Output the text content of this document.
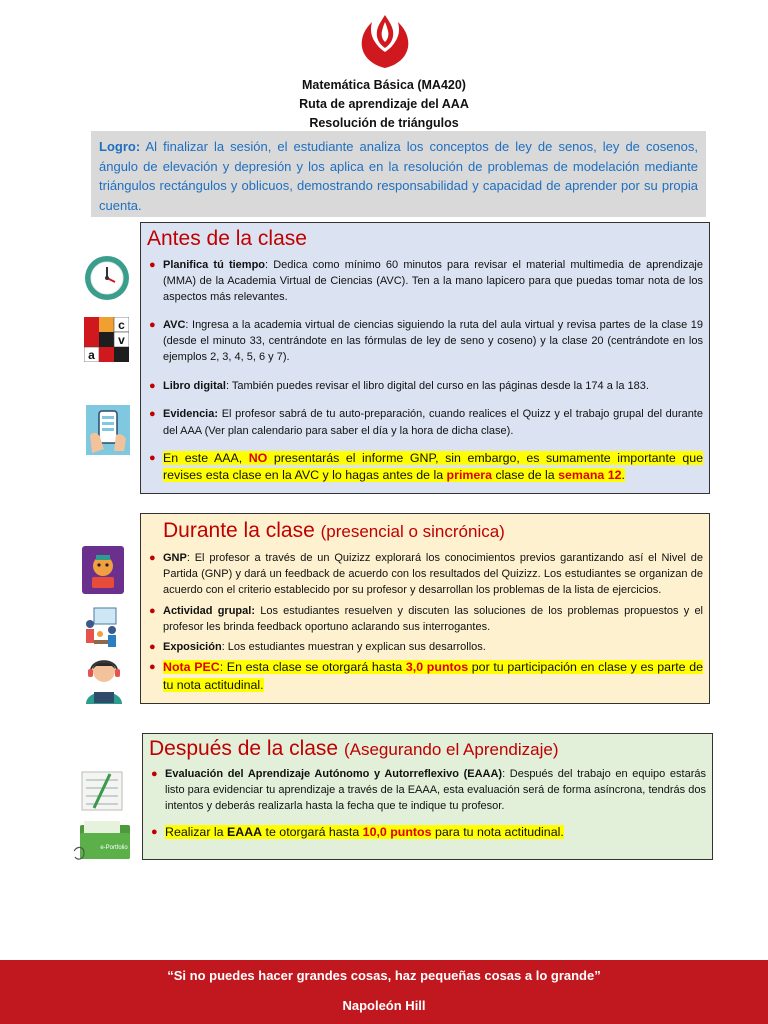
Matemática Básica (MA420)
Ruta de aprendizaje del AAA
Resolución de triángulos
Logro: Al finalizar la sesión, el estudiante analiza los conceptos de ley de senos, ley de cosenos, ángulo de elevación y depresión y los aplica en la resolución de problemas de modelación mediante triángulos rectángulos y oblicuos, demostrando responsabilidad y capacidad de aprender por su propia cuenta.
c
v
a
e-Portfolio
Antes de la clase
● Planifica tú tiempo: Dedica como mínimo 60 minutos para revisar el material multimedia de aprendizaje (MMA) de la Academia Virtual de Ciencias (AVC). Ten a la mano lapicero para que puedas tomar nota de los aspectos más relevantes.
● AVC: Ingresa a la academia virtual de ciencias siguiendo la ruta del aula virtual y revisa partes de la clase 19 (desde el minuto 33, centrándote en las fórmulas de ley de seno y coseno) y la clase 20 (centrándote en los ejemplos 2, 3, 4, 5, 6 y 7).
● Libro digital: También puedes revisar el libro digital del curso en las páginas desde la 174 a la 183.
● Evidencia: El profesor sabrá de tu auto-preparación, cuando realices el Quizz y el trabajo grupal del durante del AAA (Ver plan calendario para saber el día y la hora de dicha clase).
● En este AAA, NO presentarás el informe GNP, sin embargo, es sumamente importante que revises esta clase en la AVC y lo hagas antes de la primera clase de la semana 12.
Durante la clase (presencial o sincrónica)
● GNP: El profesor a través de un Quizizz explorará los conocimientos previos garantizando así el Nivel de Partida (GNP) y dará un feedback de acuerdo con los resultados del Quizizz. Los estudiantes se organizan de acuerdo con el criterio establecido por su profesor y desarrollan los problemas de la lista de ejercicios.
● Actividad grupal: Los estudiantes resuelven y discuten las soluciones de los problemas propuestos y el profesor les brinda feedback oportuno aclarando sus interrogantes.
● Exposición: Los estudiantes muestran y explican sus desarrollos.
● Nota PEC: En esta clase se otorgará hasta 3,0 puntos por tu participación en clase y es parte de tu nota actitudinal.
Después de la clase (Asegurando el Aprendizaje)
● Evaluación del Aprendizaje Autónomo y Autorreflexivo (EAAA): Después del trabajo en equipo estarás listo para evidenciar tu aprendizaje a través de la EAAA, esta evaluación será de forma asíncrona, tendrás dos intentos y deberás realizarla hasta la fecha que te indique tu profesor.
● Realizar la EAAA te otorgará hasta 10,0 puntos para tu nota actitudinal.
“Si no puedes hacer grandes cosas, haz pequeñas cosas a lo grande”
Napoleón Hill
